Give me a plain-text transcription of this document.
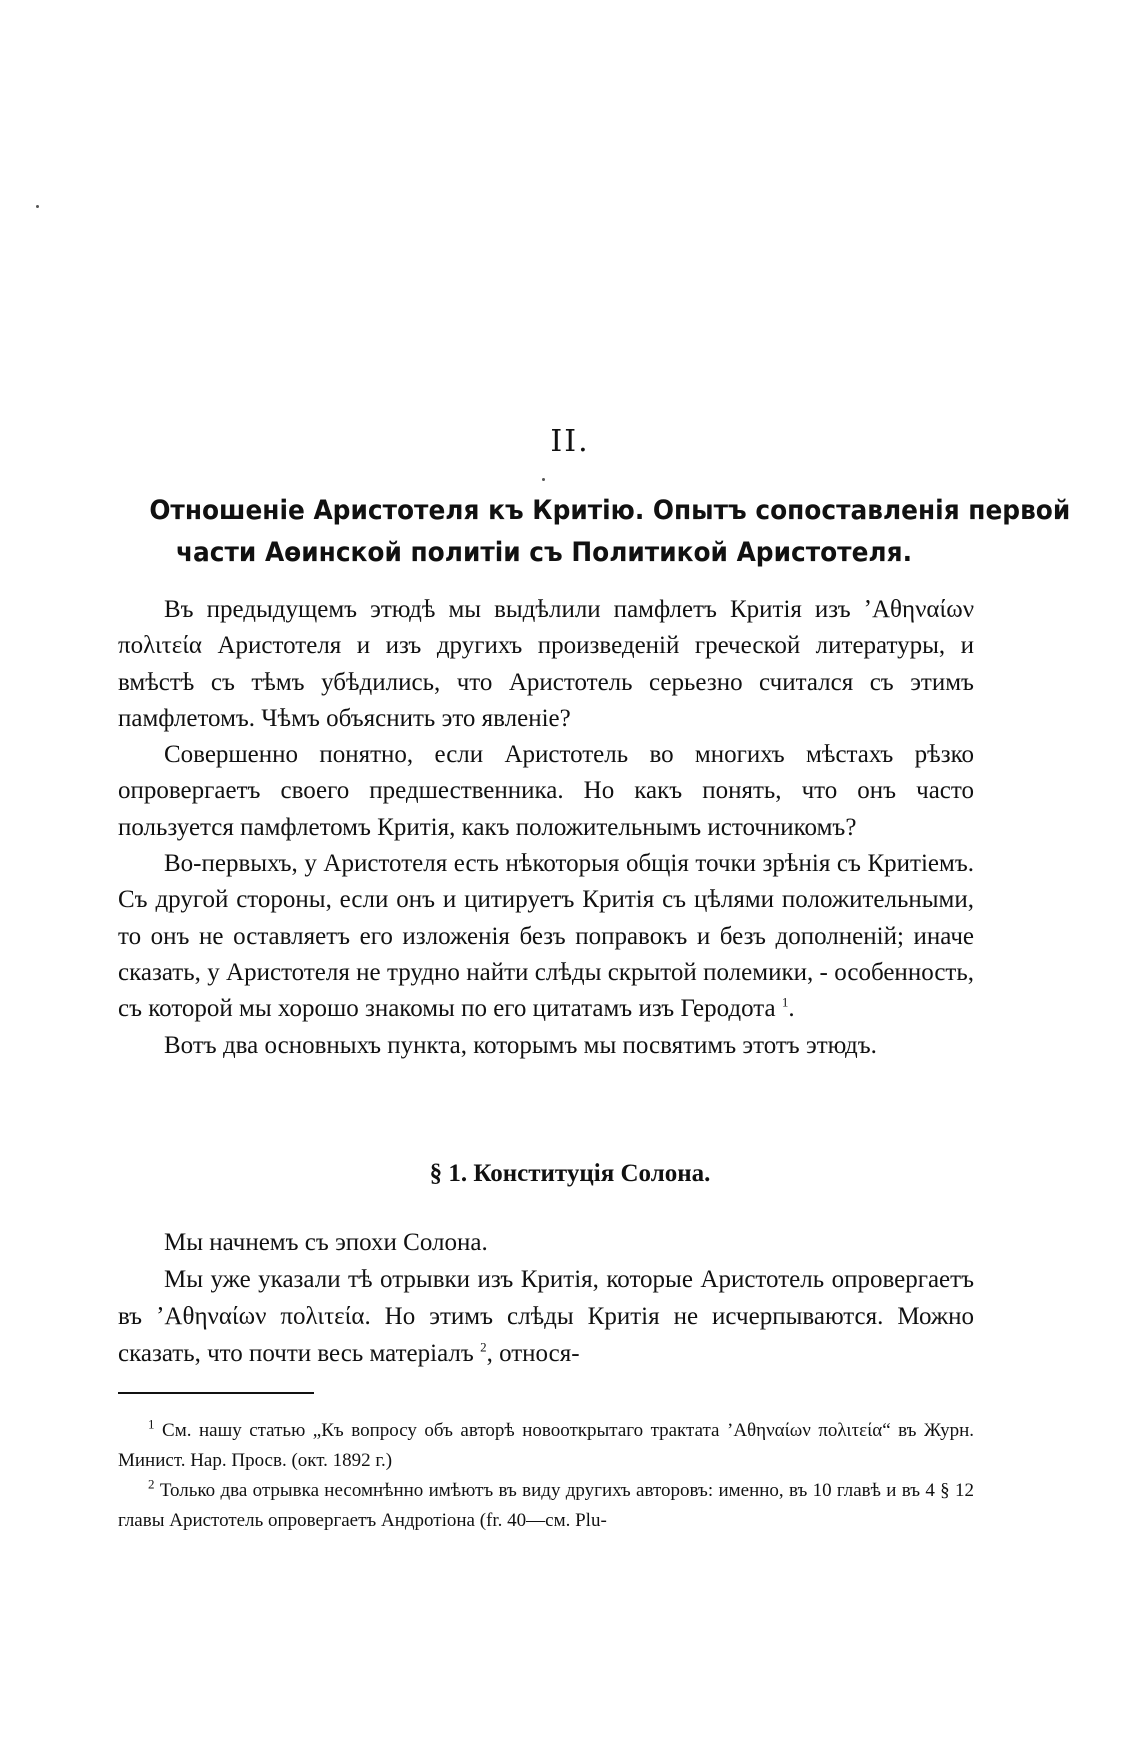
II.
Отношеніе Аристотеля къ Критію. Опытъ сопоставленія первой
части Аѳинской политіи съ Политикой Аристотеля.

Въ предыдущемъ этюдѣ мы выдѣлили памфлетъ Критія изъ ʼΑθηναίων πολιτεία Аристотеля и изъ другихъ произведеній греческой литературы, и вмѣстѣ съ тѣмъ убѣдились, что Аристотель серьезно считался съ этимъ памфлетомъ. Чѣмъ объяснить это явленіе?

Совершенно понятно, если Аристотель во многихъ мѣстахъ рѣзко опровергаетъ своего предшественника. Но какъ понять, что онъ часто пользуется памфлетомъ Критія, какъ положительнымъ источникомъ?

Во-первыхъ, у Аристотеля есть нѣкоторыя общія точки зрѣнія съ Критіемъ. Съ другой стороны, если онъ и цитируетъ Критія съ цѣлями положительными, то онъ не оставляетъ его изложенія безъ поправокъ и безъ дополненій; иначе сказать, у Аристотеля не трудно найти слѣды скрытой полемики, - особенность, съ которой мы хорошо знакомы по его цитатамъ изъ Геродота $^1$.

Вотъ два основныхъ пункта, которымъ мы посвятимъ этотъ этюдъ.

§ 1. Конституція Солона.

Мы начнемъ съ эпохи Солона.

Мы уже указали тѣ отрывки изъ Критія, которые Аристотель опровергаетъ въ ʼΑθηναίων πολιτεία. Но этимъ слѣды Критія не исчерпываются. Можно сказать, что почти весь матеріалъ $^2$, относя-

$^1$ См. нашу статью „Къ вопросу объ авторѣ новооткрытаго трактата ʼΑθηναίων πολιτεία“ въ Журн. Минист. Нар. Просв. (окт. 1892 г.)

$^2$ Только два отрывка несомнѣнно имѣютъ въ виду другихъ авторовъ: именно, въ 10 главѣ и въ 4 § 12 главы Аристотель опровергаетъ Андротіона (fr. 40—см. Plu-
